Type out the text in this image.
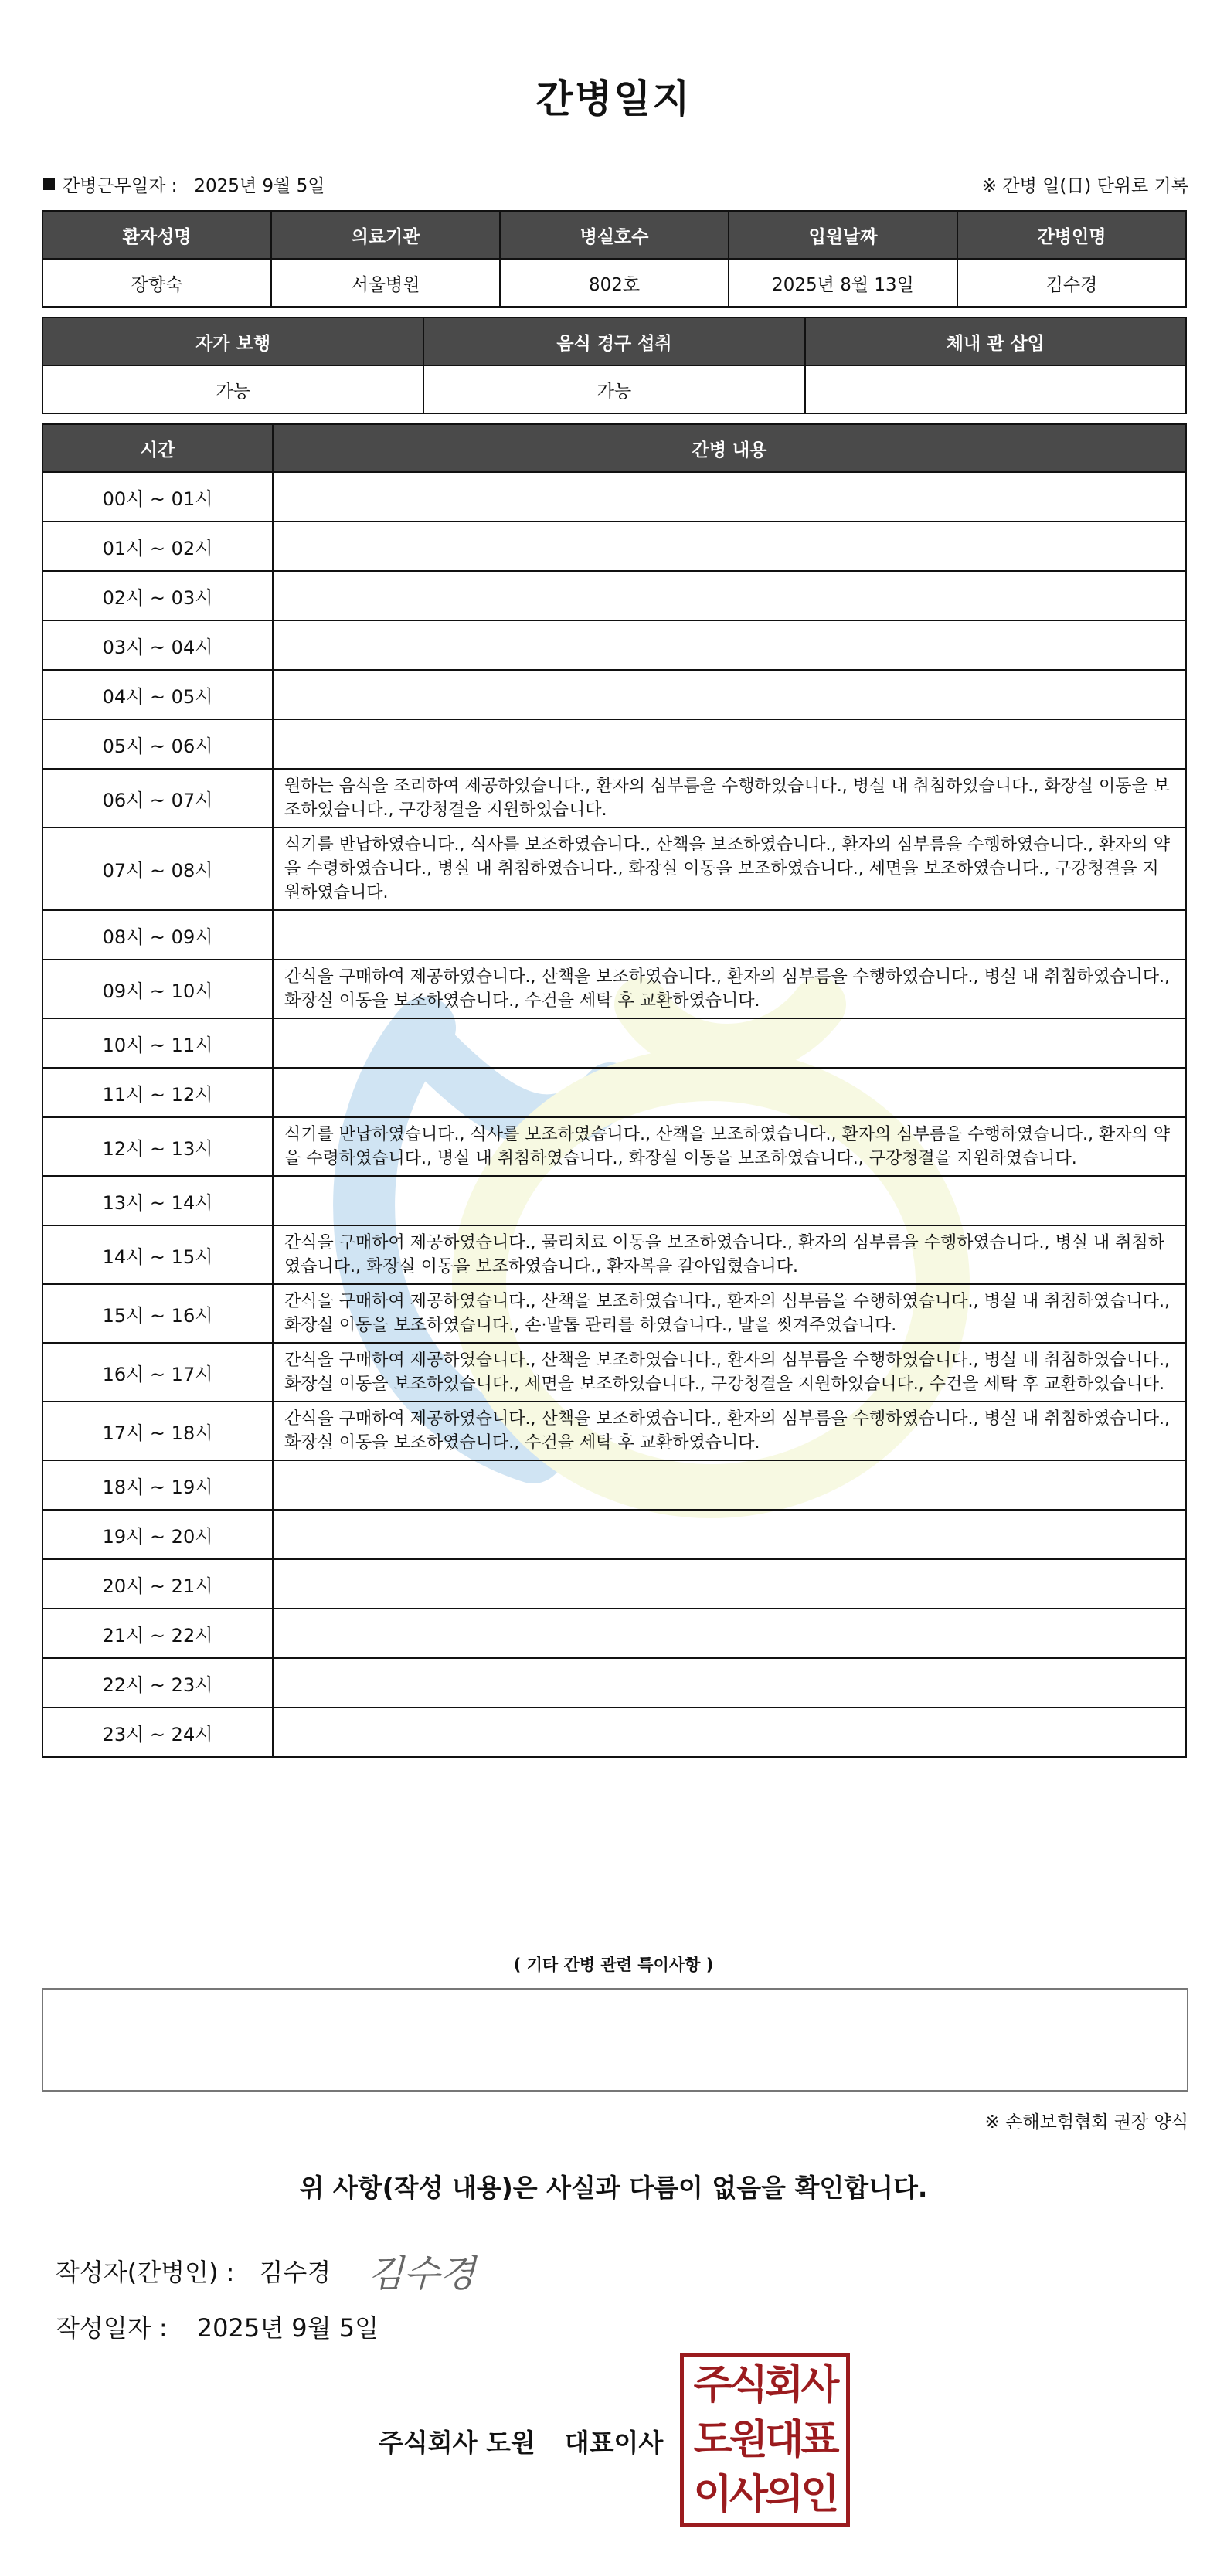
간병일지
간병근무일자 : 2025년 9월 5일	※ 간병 일(日) 단위로 기록
환자성명	의료기관	병실호수	입원날짜	간병인명
장향숙	서울병원	802호	2025년 8월 13일	김수경
자가 보행	음식 경구 섭취	체내 관 삽입
가능	가능	
시간	간병 내용
00시 ~ 01시	
01시 ~ 02시	
02시 ~ 03시	
03시 ~ 04시	
04시 ~ 05시	
05시 ~ 06시	
06시 ~ 07시	원하는 음식을 조리하여 제공하였습니다., 환자의 심부름을 수행하였습니다., 병실 내 취침하였습니다., 화장실 이동을 보조하였습니다., 구강청결을 지원하였습니다.
07시 ~ 08시	식기를 반납하였습니다., 식사를 보조하였습니다., 산책을 보조하였습니다., 환자의 심부름을 수행하였습니다., 환자의 약을 수령하였습니다., 병실 내 취침하였습니다., 화장실 이동을 보조하였습니다., 세면을 보조하였습니다., 구강청결을 지원하였습니다.
08시 ~ 09시	
09시 ~ 10시	간식을 구매하여 제공하였습니다., 산책을 보조하였습니다., 환자의 심부름을 수행하였습니다., 병실 내 취침하였습니다., 화장실 이동을 보조하였습니다., 수건을 세탁 후 교환하였습니다.
10시 ~ 11시	
11시 ~ 12시	
12시 ~ 13시	식기를 반납하였습니다., 식사를 보조하였습니다., 산책을 보조하였습니다., 환자의 심부름을 수행하였습니다., 환자의 약을 수령하였습니다., 병실 내 취침하였습니다., 화장실 이동을 보조하였습니다., 구강청결을 지원하였습니다.
13시 ~ 14시	
14시 ~ 15시	간식을 구매하여 제공하였습니다., 물리치료 이동을 보조하였습니다., 환자의 심부름을 수행하였습니다., 병실 내 취침하였습니다., 화장실 이동을 보조하였습니다., 환자복을 갈아입혔습니다.
15시 ~ 16시	간식을 구매하여 제공하였습니다., 산책을 보조하였습니다., 환자의 심부름을 수행하였습니다., 병실 내 취침하였습니다., 화장실 이동을 보조하였습니다., 손·발톱 관리를 하였습니다., 발을 씻겨주었습니다.
16시 ~ 17시	간식을 구매하여 제공하였습니다., 산책을 보조하였습니다., 환자의 심부름을 수행하였습니다., 병실 내 취침하였습니다., 화장실 이동을 보조하였습니다., 세면을 보조하였습니다., 구강청결을 지원하였습니다., 수건을 세탁 후 교환하였습니다.
17시 ~ 18시	간식을 구매하여 제공하였습니다., 산책을 보조하였습니다., 환자의 심부름을 수행하였습니다., 병실 내 취침하였습니다., 화장실 이동을 보조하였습니다., 수건을 세탁 후 교환하였습니다.
18시 ~ 19시	
19시 ~ 20시	
20시 ~ 21시	
21시 ~ 22시	
22시 ~ 23시	
23시 ~ 24시	
( 기타 간병 관련 특이사항 )
※ 손해보험협회 권장 양식
위 사항(작성 내용)은 사실과 다름이 없음을 확인합니다.
작성자(간병인) : 김수경 김수경
작성일자 : 2025년 9월 5일
주식회사 도원 대표이사
주식회사
도원대표
이사의인
